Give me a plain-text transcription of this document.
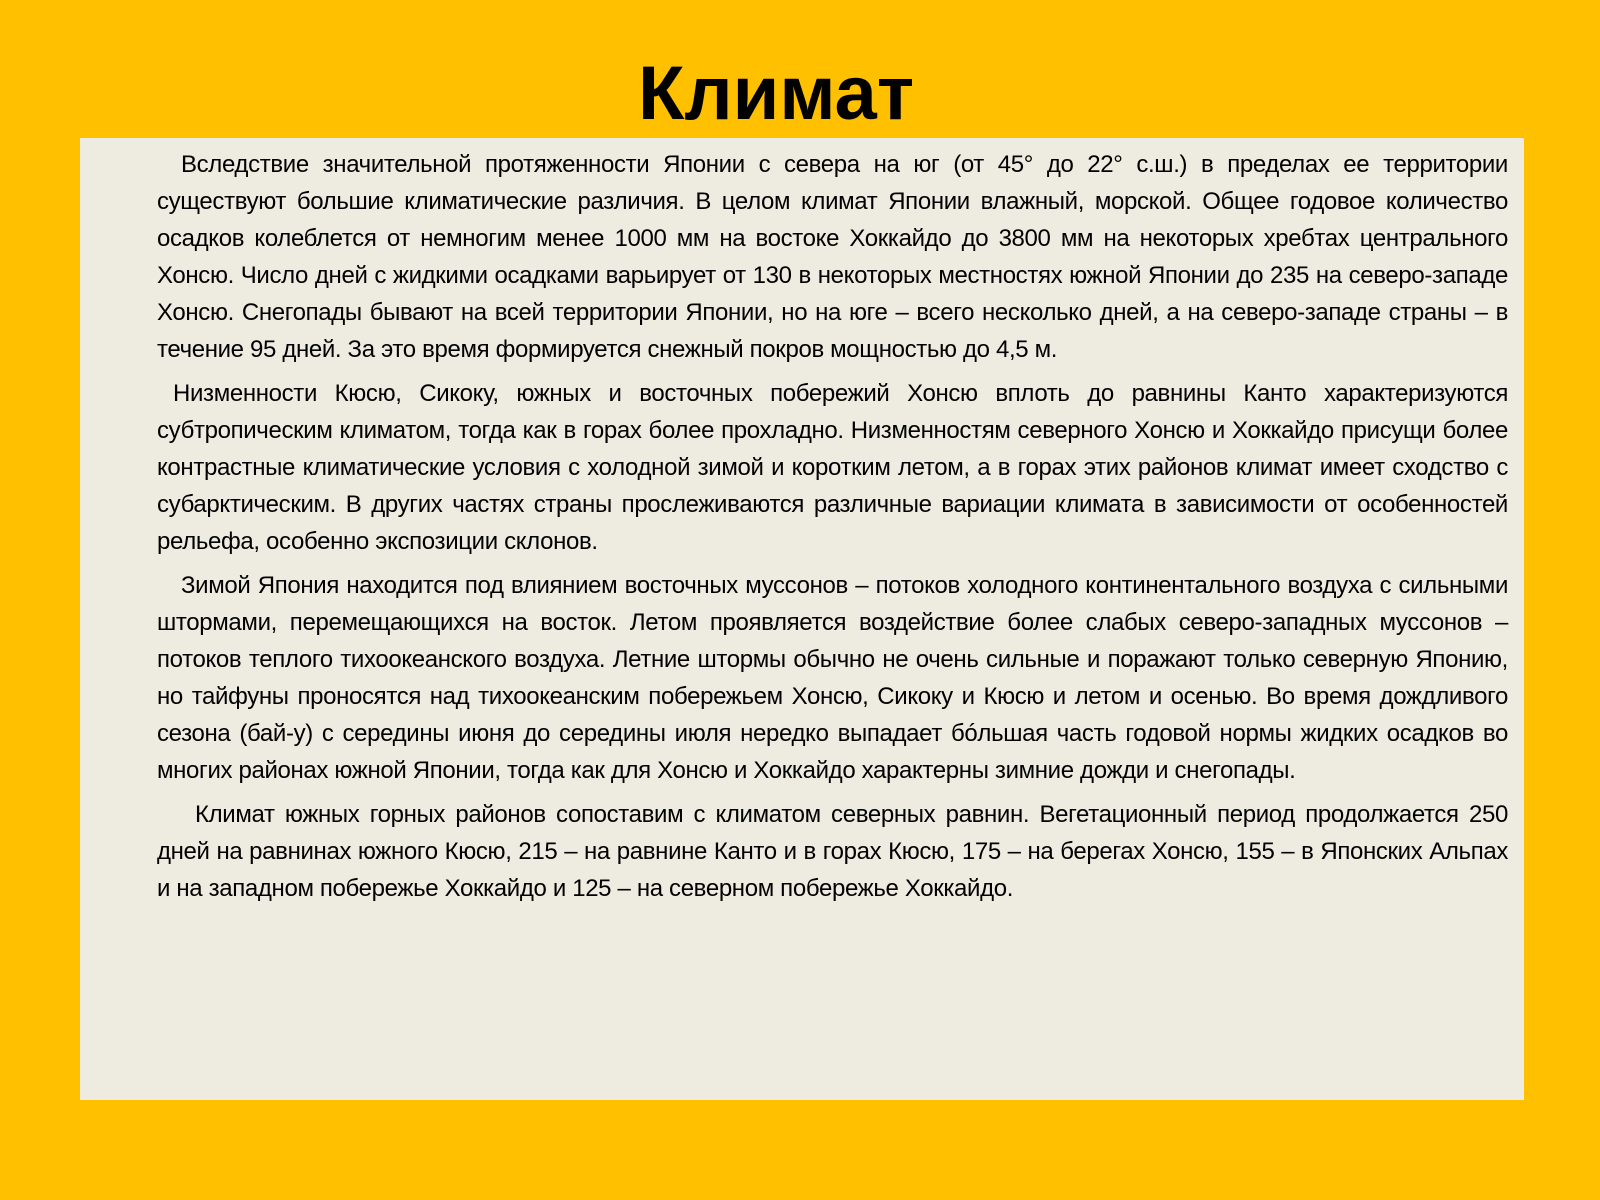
Климат

Вследствие значительной протяженности Японии с севера на юг (от 45° до 22° с.ш.) в пределах ее территории существуют большие климатические различия. В целом климат Японии влажный, морской. Общее годовое количество осадков колеблется от немногим менее 1000 мм на востоке Хоккайдо до 3800 мм на некоторых хребтах центрального Хонсю. Число дней с жидкими осадками варьирует от 130 в некоторых местностях южной Японии до 235 на северо-западе Хонсю. Снегопады бывают на всей территории Японии, но на юге – всего несколько дней, а на северо-западе страны – в течение 95 дней. За это время формируется снежный покров мощностью до 4,5 м.

Низменности Кюсю, Сикоку, южных и восточных побережий Хонсю вплоть до равнины Канто характеризуются субтропическим климатом, тогда как в горах более прохладно. Низменностям северного Хонсю и Хоккайдо присущи более контрастные климатические условия с холодной зимой и коротким летом, а в горах этих районов климат имеет сходство с субарктическим. В других частях страны прослеживаются различные вариации климата в зависимости от особенностей рельефа, особенно экспозиции склонов.

Зимой Япония находится под влиянием восточных муссонов – потоков холодного континентального воздуха с сильными штормами, перемещающихся на восток. Летом проявляется воздействие более слабых северо-западных муссонов – потоков теплого тихоокеанского воздуха. Летние штормы обычно не очень сильные и поражают только северную Японию, но тайфуны проносятся над тихоокеанским побережьем Хонсю, Сикоку и Кюсю и летом и осенью. Во время дождливого сезона (бай-у) с середины июня до середины июля нередко выпадает бóльшая часть годовой нормы жидких осадков во многих районах южной Японии, тогда как для Хонсю и Хоккайдо характерны зимние дожди и снегопады.

Климат южных горных районов сопоставим с климатом северных равнин. Вегетационный период продолжается 250 дней на равнинах южного Кюсю, 215 – на равнине Канто и в горах Кюсю, 175 – на берегах Хонсю, 155 – в Японских Альпах и на западном побережье Хоккайдо и 125 – на северном побережье Хоккайдо.
